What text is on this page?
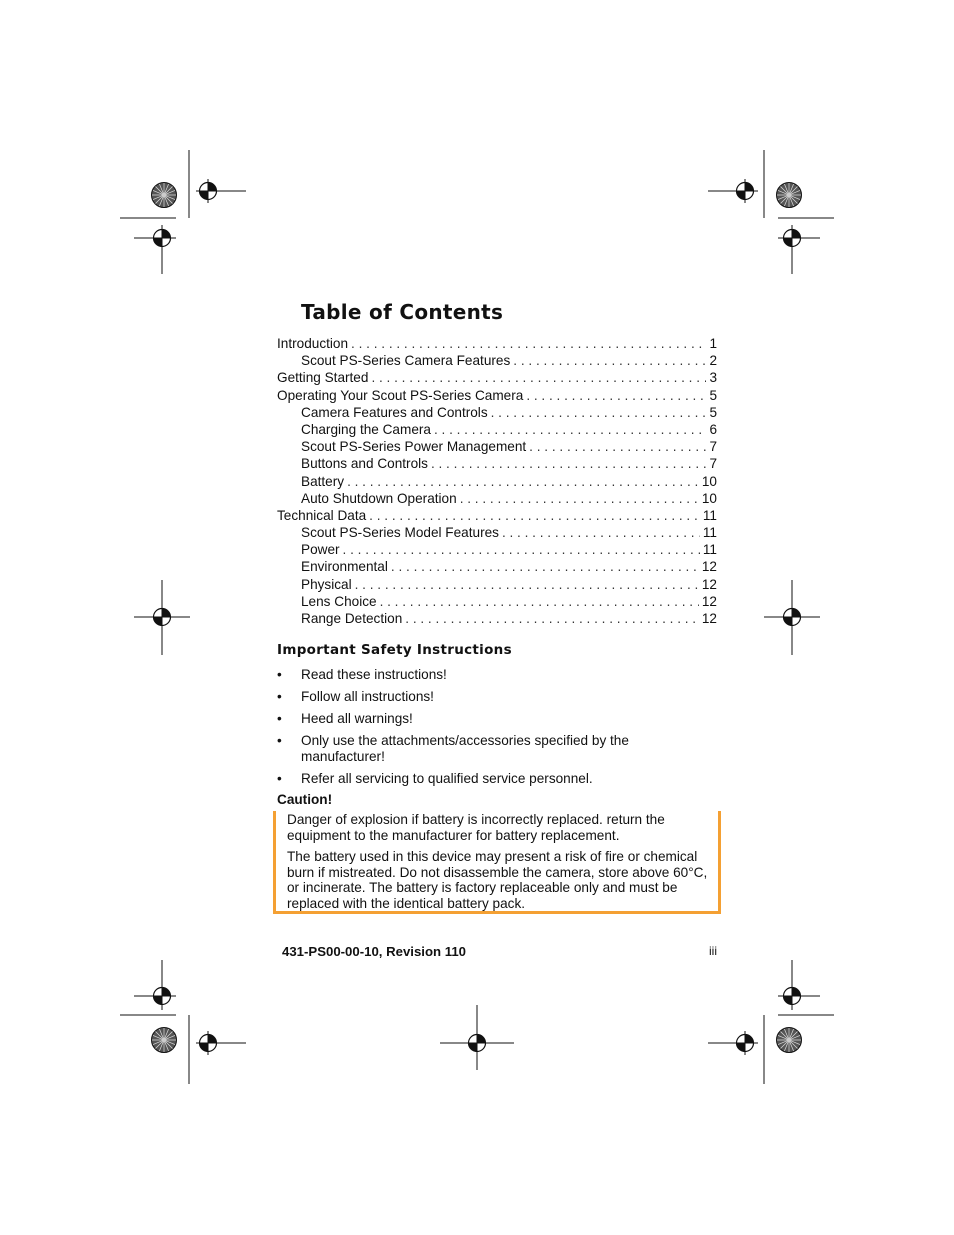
Table of Contents
Introduction . . .	1
Scout PS-Series Camera Features . . .	2
Getting Started . . .	3
Operating Your Scout PS-Series Camera . . .	5
Camera Features and Controls . . .	5
Charging the Camera . . .	6
Scout PS-Series Power Management . . .	7
Buttons and Controls . . .	7
Battery . . .	10
Auto Shutdown Operation . . .	10
Technical Data . . .	11
Scout PS-Series Model Features . . .	11
Power . . .	11
Environmental . . .	12
Physical . . .	12
Lens Choice . . .	12
Range Detection . . .	12
Important Safety Instructions
•	Read these instructions!
•	Follow all instructions!
•	Heed all warnings!
•	Only use the attachments/accessories specified by the manufacturer!
•	Refer all servicing to qualified service personnel.

Caution!

Danger of explosion if battery is incorrectly replaced. return the equipment to the manufacturer for battery replacement.

The battery used in this device may present a risk of fire or chemical burn if mistreated. Do not disassemble the camera, store above 60°C, or incinerate. The battery is factory replaceable only and must be replaced with the identical battery pack.

431-PS00-00-10, Revision 110	iii
